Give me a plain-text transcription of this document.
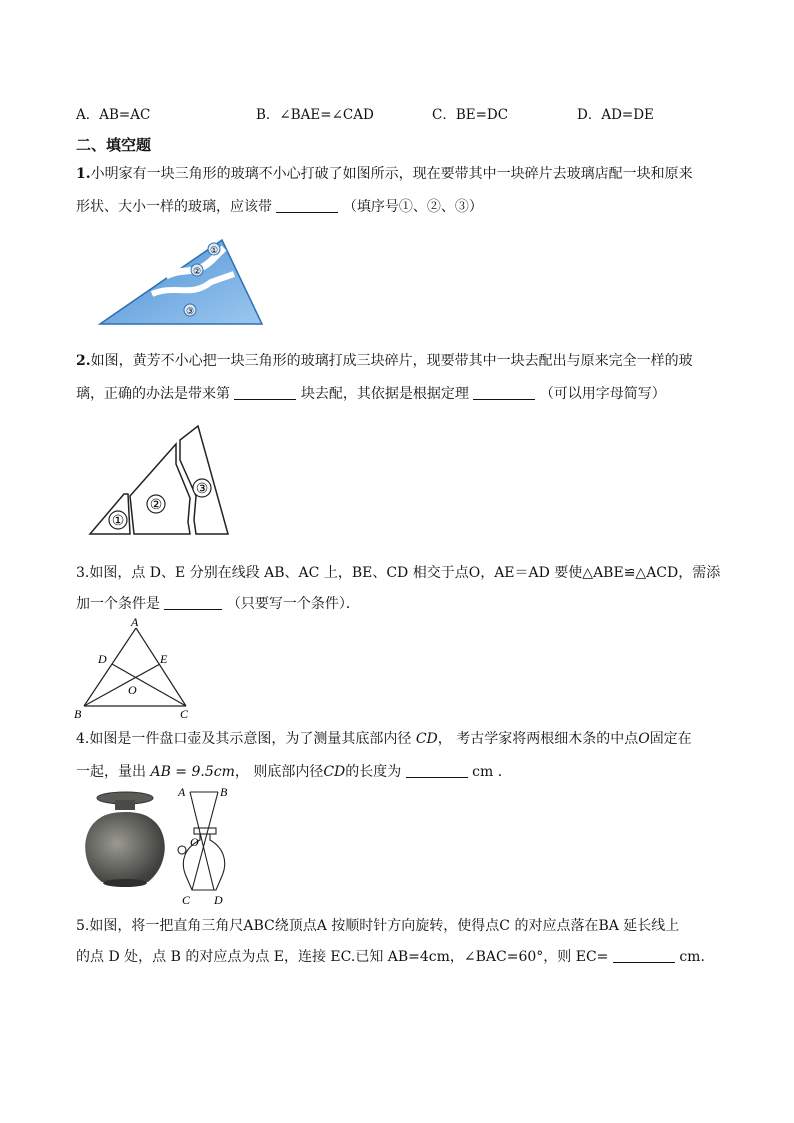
A．AB=AC	B．∠BAE=∠CAD	C．BE=DC	D．AD=DE
二、填空题
1.小明家有一块三角形的玻璃不小心打破了如图所示，现在要带其中一块碎片去玻璃店配一块和原来
形状、大小一样的玻璃，应该带	（填序号①、②、③）
①
②
③
2.如图，黄芳不小心把一块三角形的玻璃打成三块碎片，现要带其中一块去配出与原来完全一样的玻
璃，正确的办法是带来第	块去配，其依据是根据定理	（可以用字母简写）
①
②
③
3.如图，点 D、E 分别在线段 AB、AC 上，BE、CD 相交于点O，AE＝AD 要使△ABE≌△ACD，需添
加一个条件是	（只要写一个条件）．
A
D	E
O
B	C
4.如图是一件盘口壶及其示意图，为了测量其底部内径 CD， 考古学家将两根细木条的中点O固定在
一起，量出 AB = 9.5cm， 则底部内径CD的长度为	cm ．
A	B
O
C D
5.如图，将一把直角三角尺ABC绕顶点A 按顺时针方向旋转，使得点C 的对应点落在BA 延长线上
的点 D 处，点 B 的对应点为点 E，连接 EC.已知 AB=4cm，∠BAC=60°，则 EC=	cm.
